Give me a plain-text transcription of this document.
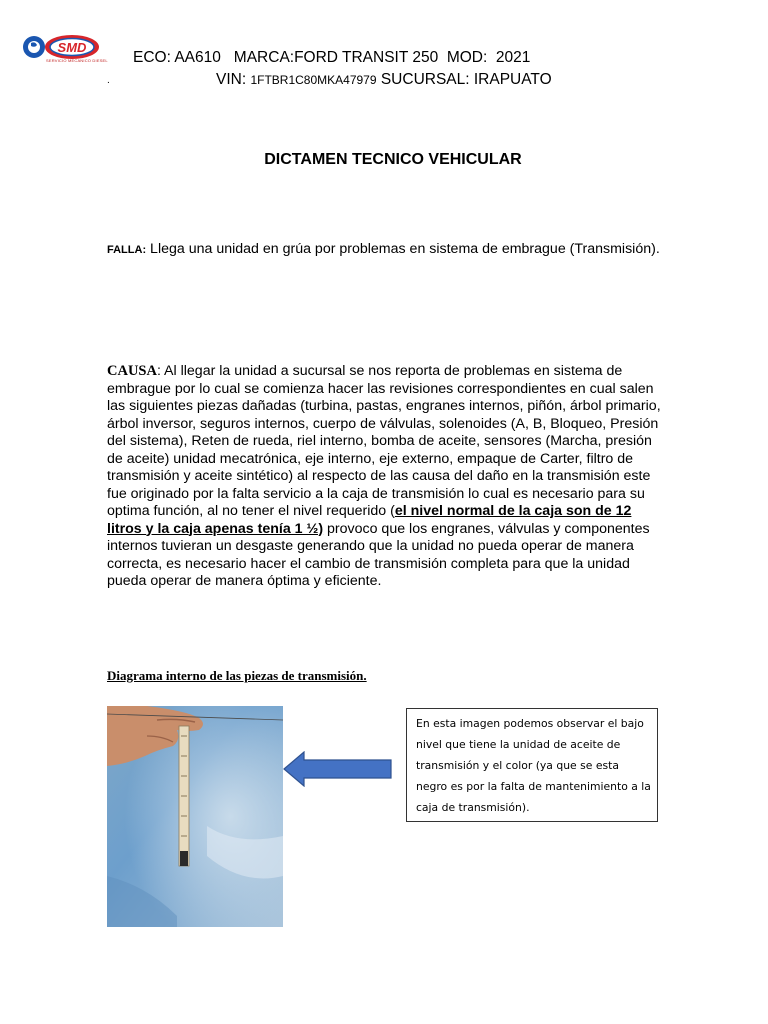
SMD
SERVICIO MECANICO DIESEL ECO: AA610   MARCA:FORD TRANSIT 250  MOD:  2021
.	VIN: 1FTBR1C80MKA47979 SUCURSAL: IRAPUATO
DICTAMEN TECNICO VEHICULAR
FALLA: Llega una unidad en grúa por problemas en sistema de embrague (Transmisión).
CAUSA: Al llegar la unidad a sucursal se nos reporta de problemas en sistema de embrague por lo cual se comienza hacer las revisiones correspondientes en cual salen las siguientes piezas dañadas (turbina, pastas, engranes internos, piñón, árbol primario, árbol inversor, seguros internos, cuerpo de válvulas, solenoides (A, B, Bloqueo, Presión del sistema), Reten de rueda, riel interno, bomba de aceite, sensores (Marcha, presión de aceite) unidad mecatrónica, eje interno, eje externo, empaque de Carter, filtro de transmisión y aceite sintético) al respecto de las causa del daño en la transmisión este fue originado por la falta servicio a la caja de transmisión lo cual es necesario para su optima función, al no tener el nivel requerido (el nivel normal de la caja son de 12 litros y la caja apenas tenía 1 ½) provoco que los engranes, válvulas y componentes internos tuvieran un desgaste generando que la unidad no pueda operar de manera correcta, es necesario hacer el cambio de transmisión completa para que la unidad pueda operar de manera óptima y eficiente.
Diagrama interno de las piezas de transmisión.
En esta imagen podemos observar el bajo nivel que tiene la unidad de aceite de transmisión y el color (ya que se esta negro es por la falta de mantenimiento a la caja de transmisión).
